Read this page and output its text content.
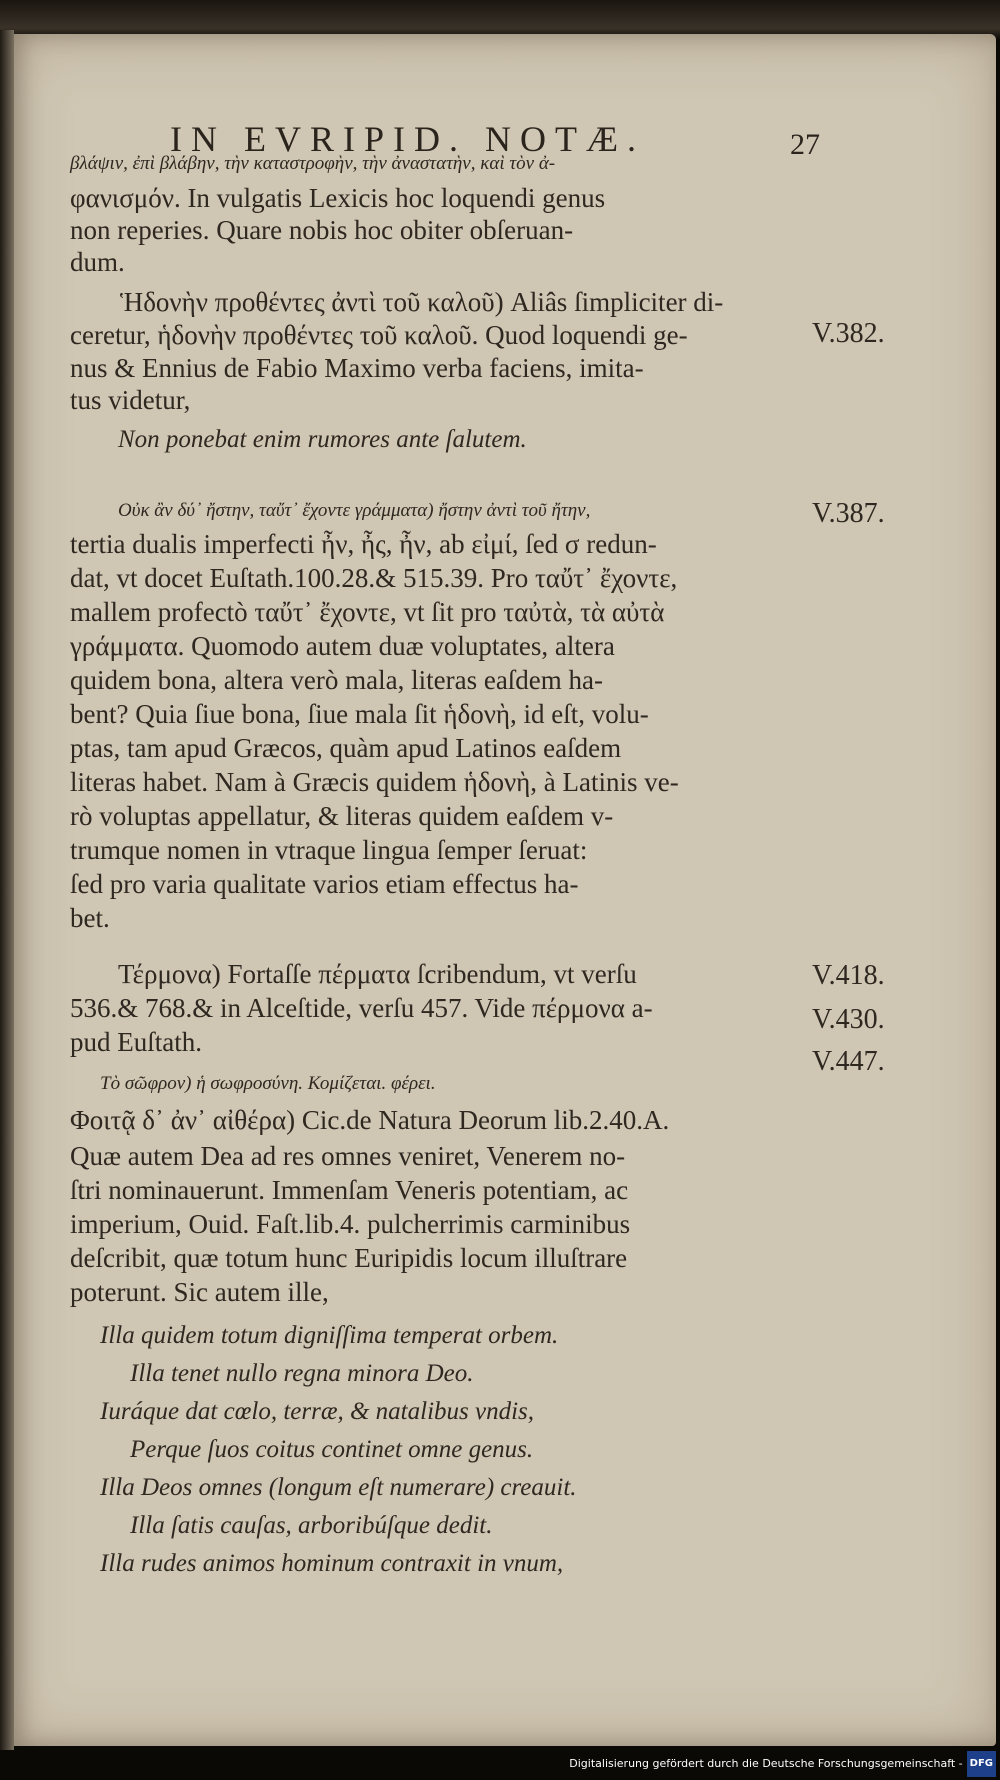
IN EVRIPID. NOTÆ.	27
βλάψιν, ἐπὶ βλάβην, τὴν καταστροφὴν, τὴν ἀναστατὴν, καὶ τὸν ἀ-
φανισμόν. In vulgatis Lexicis hoc loquendi genus
non reperies. Quare nobis hoc obiter obſeruan-
dum.
Ἡδονὴν προθέντες ἀντὶ τοῦ καλοῦ) Aliâs ſimpliciter di-
ceretur, ἡδονὴν προθέντες τοῦ καλοῦ. Quod loquendi ge-
nus & Ennius de Fabio Maximo verba faciens, imita-
tus videtur,
Non ponebat enim rumores ante ſalutem.
Οὐκ ἂν δύ᾽ ἤστην, ταὔτ᾽ ἔχοντε γράμματα) ἤστην ἀντὶ τοῦ ἤτην,
tertia dualis imperfecti ἦν, ἦς, ἦν, ab εἰμί, ſed σ redun-
dat, vt docet Euſtath.100.28.& 515.39. Pro ταὔτ᾽ ἔχοντε,
mallem profectò ταὔτ᾽ ἔχοντε, vt ſit pro ταὐτὰ, τὰ αὐτὰ
γράμματα. Quomodo autem duæ voluptates, altera
quidem bona, altera verò mala, literas eaſdem ha-
bent? Quia ſiue bona, ſiue mala ſit ἡδονὴ, id eſt, volu-
ptas, tam apud Græcos, quàm apud Latinos eaſdem
literas habet. Nam à Græcis quidem ἡδονὴ, à Latinis ve-
rò voluptas appellatur, & literas quidem eaſdem v-
trumque nomen in vtraque lingua ſemper ſeruat:
ſed pro varia qualitate varios etiam effectus ha-
bet.
Τέρμονα) Fortaſſe πέρματα ſcribendum, vt verſu
536.& 768.& in Alceſtide, verſu 457. Vide πέρμονα a-
pud Euſtath.
Τὸ σῶφρον) ἡ σωφροσύνη. Κομίζεται. φέρει.
Φοιτᾷ δ᾽ ἀν᾽ αἰθέρα) Cic.de Natura Deorum lib.2.40.A.
Quæ autem Dea ad res omnes veniret, Venerem no-
ſtri nominauerunt. Immenſam Veneris potentiam, ac
imperium, Ouid. Faſt.lib.4. pulcherrimis carminibus
deſcribit, quæ totum hunc Euripidis locum illuſtrare
poterunt. Sic autem ille,
Illa quidem totum digniſſima temperat orbem.
Illa tenet nullo regna minora Deo.
Iuráque dat cœlo, terræ, & natalibus vndis,
Perque ſuos coitus continet omne genus.
Illa Deos omnes (longum eſt numerare) creauit.
Illa ſatis cauſas, arboribúſque dedit.
Illa rudes animos hominum contraxit in vnum,
V.382.
V.387.
V.418.
V.430.
V.447.
Digitalisierung gefördert durch die Deutsche Forschungsgemeinschaft - DFG
